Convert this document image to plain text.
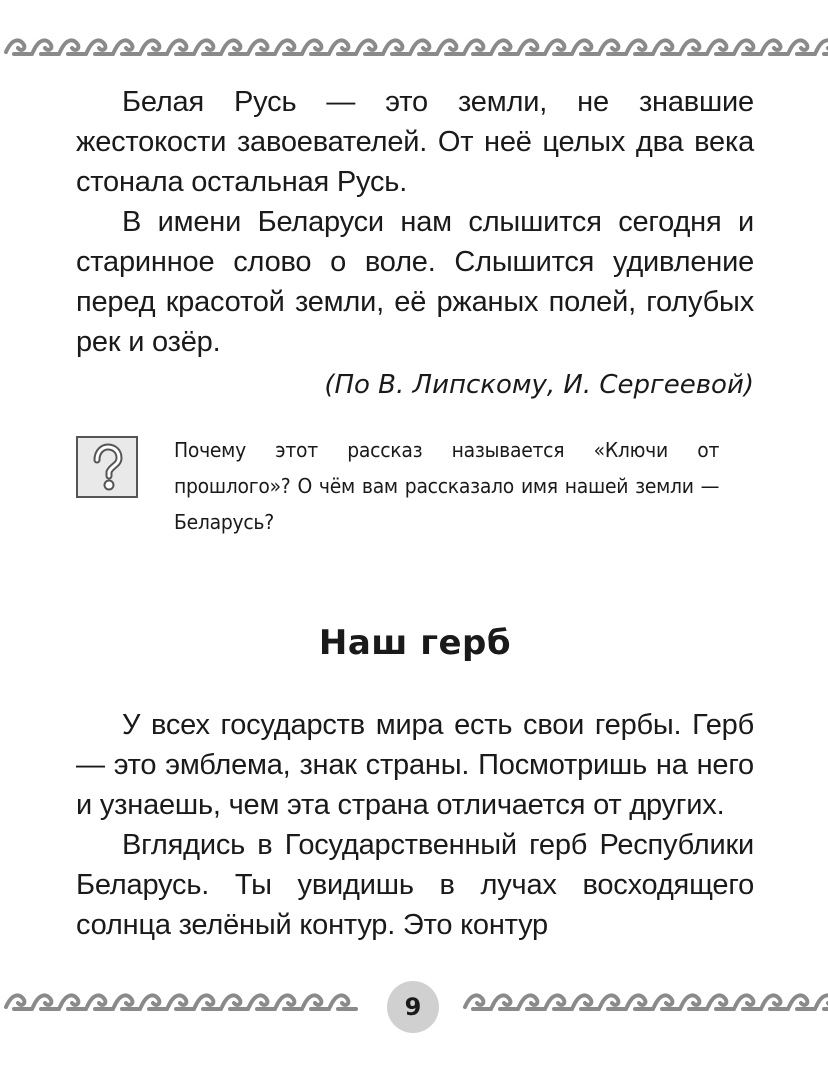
Белая Русь — это земли, не знавшие жестокости завоевателей. От неё целых два века стонала остальная Русь.

В имени Беларуси нам слышится сегодня и старинное слово о воле. Слышится удивление перед красотой земли, её ржаных полей, голубых рек и озёр.

(По В. Липскому, И. Сергеевой)

Почему этот рассказ называется «Ключи от прошлого»? О чём вам рассказало имя нашей земли — Беларусь?

Наш герб

У всех государств мира есть свои гербы. Герб — это эмблема, знак страны. Посмотришь на него и узнаешь, чем эта страна отличается от других.

Вглядись в Государственный герб Республики Беларусь. Ты увидишь в лучах восходящего солнца зелёный контур. Это контур

9
